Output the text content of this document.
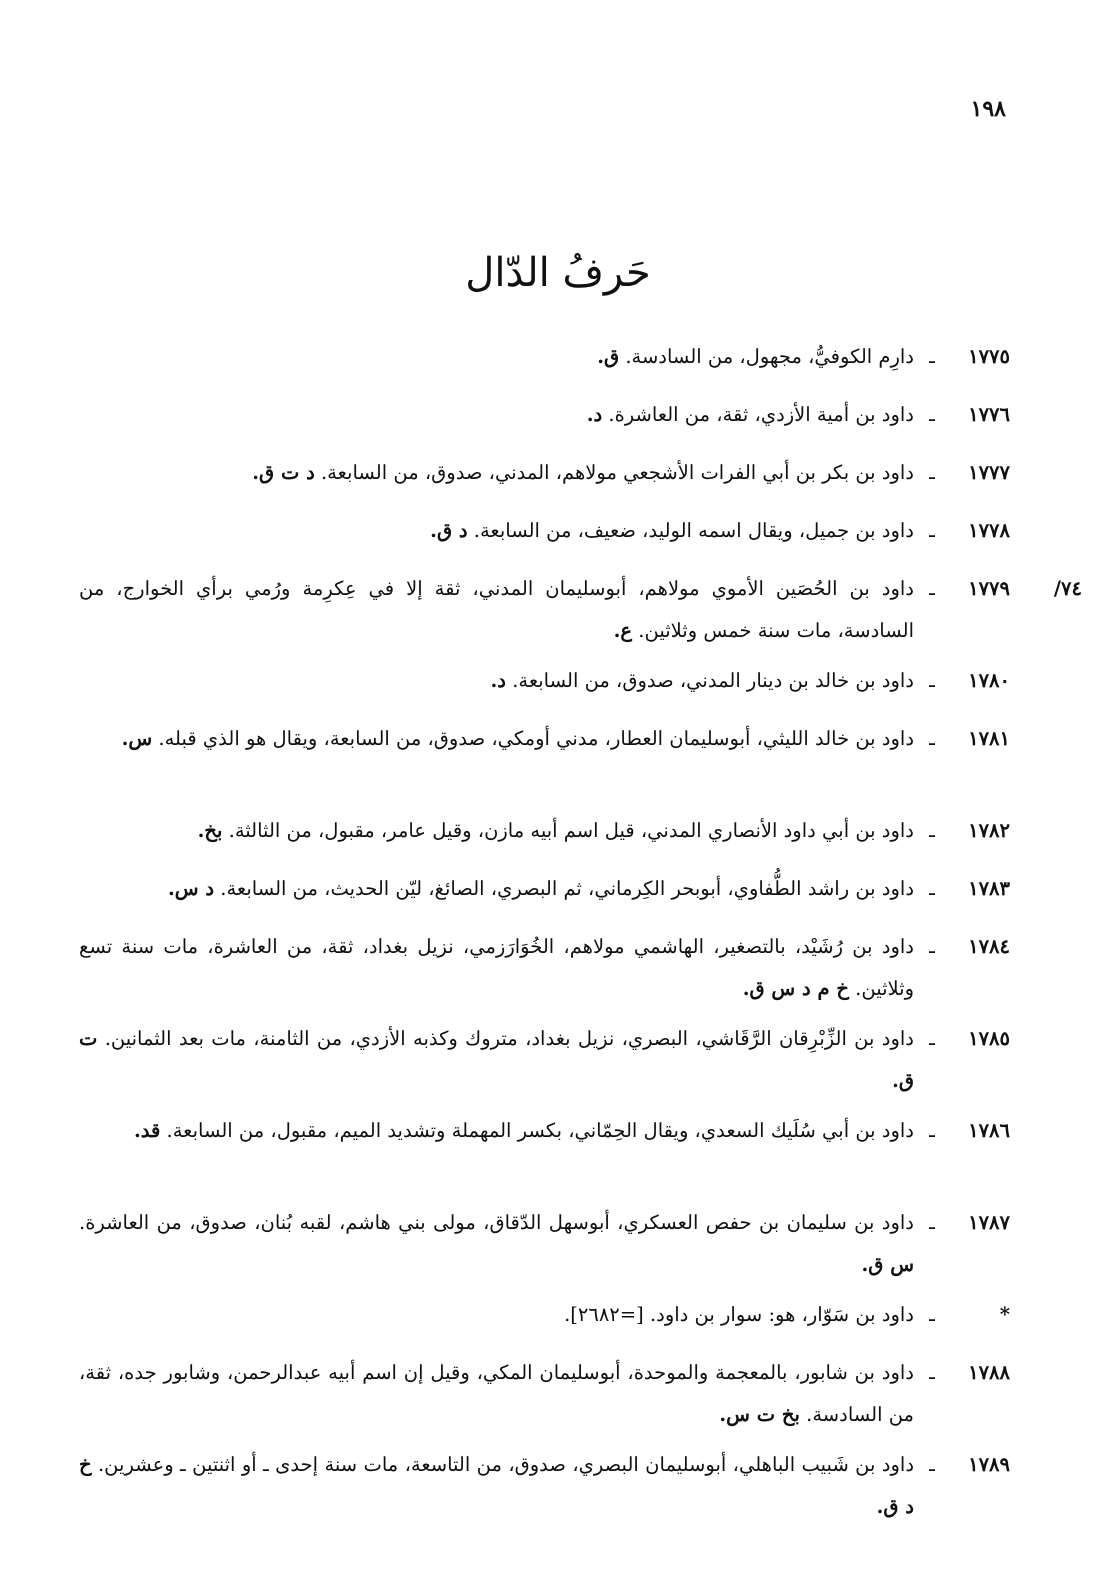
١٩٨
حَرفُ الدّال
١٧٧٥
ـ
دارِم الكوفيُّ، مجهول، من السادسة. ق.
١٧٧٦
ـ
داود بن أمية الأزدي، ثقة، من العاشرة. د.
١٧٧٧
ـ
داود بن بكر بن أبي الفرات الأشجعي مولاهم، المدني، صدوق، من السابعة. د ت ق.
١٧٧٨
ـ
داود بن جميل، ويقال اسمه الوليد، ضعيف، من السابعة. د ق.
٧٤/
١٧٧٩
ـ
داود بن الحُصَين الأموي مولاهم، أبوسليمان المدني، ثقة إلا في عِكرِمة ورُمي برأي الخوارج، من السادسة، مات سنة خمس وثلاثين. ع.
١٧٨٠
ـ
داود بن خالد بن دينار المدني، صدوق، من السابعة. د.
١٧٨١
ـ
داود بن خالد الليثي، أبوسليمان العطار، مدني أومكي، صدوق، من السابعة، ويقال هو الذي قبله. س.
١٧٨٢
ـ
داود بن أبي داود الأنصاري المدني، قيل اسم أبيه مازن، وقيل عامر، مقبول، من الثالثة. بخ.
١٧٨٣
ـ
داود بن راشد الطُّفاوي، أبوبحر الكِرماني، ثم البصري، الصائغ، ليّن الحديث، من السابعة. د س.
١٧٨٤
ـ
داود بن رُشَيْد، بالتصغير، الهاشمي مولاهم، الخُوَارَزمي، نزيل بغداد، ثقة، من العاشرة، مات سنة تسع وثلاثين. خ م د س ق.
١٧٨٥
ـ
داود بن الزِّبْرِقان الرَّقَاشي، البصري، نزيل بغداد، متروك وكذبه الأزدي، من الثامنة، مات بعد الثمانين. ت ق.
١٧٨٦
ـ
داود بن أبي سُلَيك السعدي، ويقال الحِمّاني، بكسر المهملة وتشديد الميم، مقبول، من السابعة. قد.
١٧٨٧
ـ
داود بن سليمان بن حفص العسكري، أبوسهل الدّقاق، مولى بني هاشم، لقبه بُنان، صدوق، من العاشرة. س ق.
*
ـ
داود بن سَوّار، هو: سوار بن داود. [=٢٦٨٢].
١٧٨٨
ـ
داود بن شابور، بالمعجمة والموحدة، أبوسليمان المكي، وقيل إن اسم أبيه عبدالرحمن، وشابور جده، ثقة، من السادسة. بخ ت س.
١٧٨٩
ـ
داود بن شَبيب الباهلي، أبوسليمان البصري، صدوق، من التاسعة، مات سنة إحدى ـ أو اثنتين ـ وعشرين. خ د ق.
